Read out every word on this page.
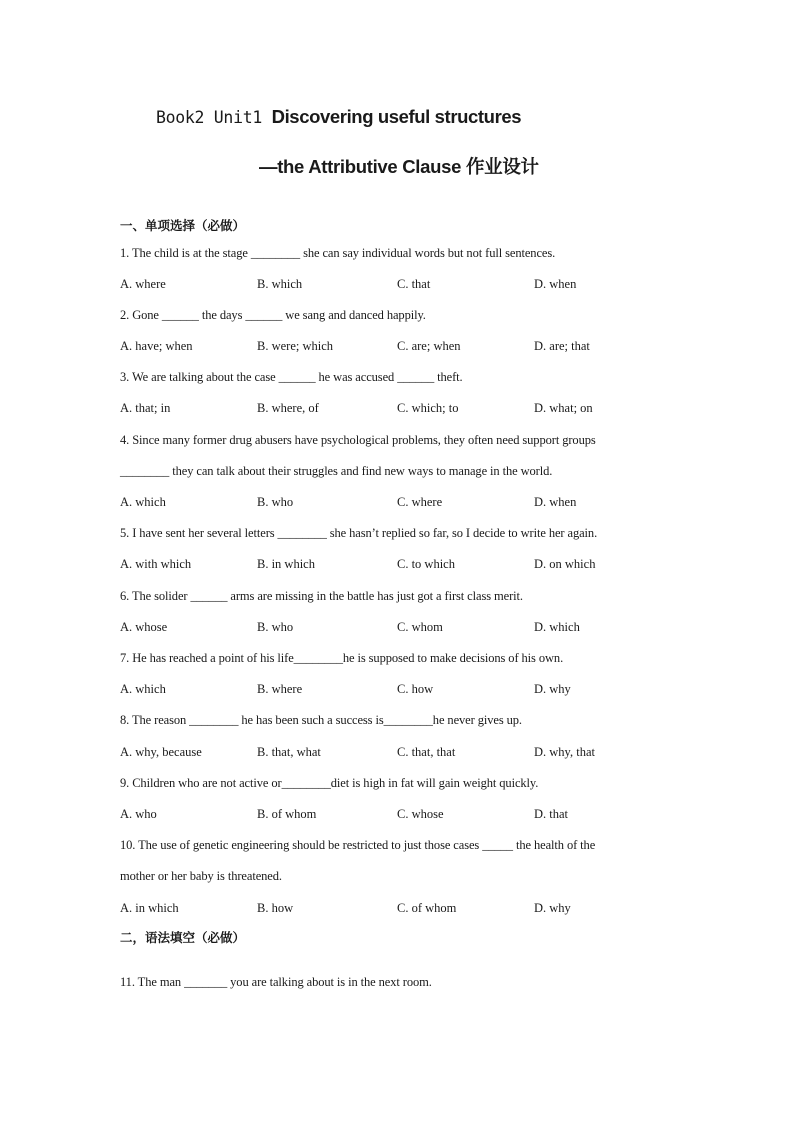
Book2 Unit1 Discovering useful structures
—the Attributive Clause 作业设计
一、单项选择（必做）
1. The child is at the stage ________ she can say individual words but not full sentences.
A. where	B. which	C. that	D. when
2. Gone ______ the days ______ we sang and danced happily.
A. have; when	B. were; which	C. are; when	D. are; that
3. We are talking about the case ______ he was accused ______ theft.
A. that; in	B. where, of	C. which; to	D. what; on
4. Since many former drug abusers have psychological problems, they often need support groups
________ they can talk about their struggles and find new ways to manage in the world.
A. which	B. who	C. where	D. when
5. I have sent her several letters ________ she hasn’t replied so far, so I decide to write her again.
A. with which	B. in which	C. to which	D. on which
6. The solider ______ arms are missing in the battle has just got a first class merit.
A. whose	B. who	C. whom	D. which
7. He has reached a point of his life________he is supposed to make decisions of his own.
A. which	B. where	C. how	D. why
8. The reason ________ he has been such a success is________he never gives up.
A. why, because	B. that, what	C. that, that	D. why, that
9. Children who are not active or________diet is high in fat will gain weight quickly.
A. who	B. of whom	C. whose	D. that
10. The use of genetic engineering should be restricted to just those cases _____ the health of the
mother or her baby is threatened.
A. in which	B. how	C. of whom	D. why
二，语法填空（必做）
11. The man _______ you are talking about is in the next room.
